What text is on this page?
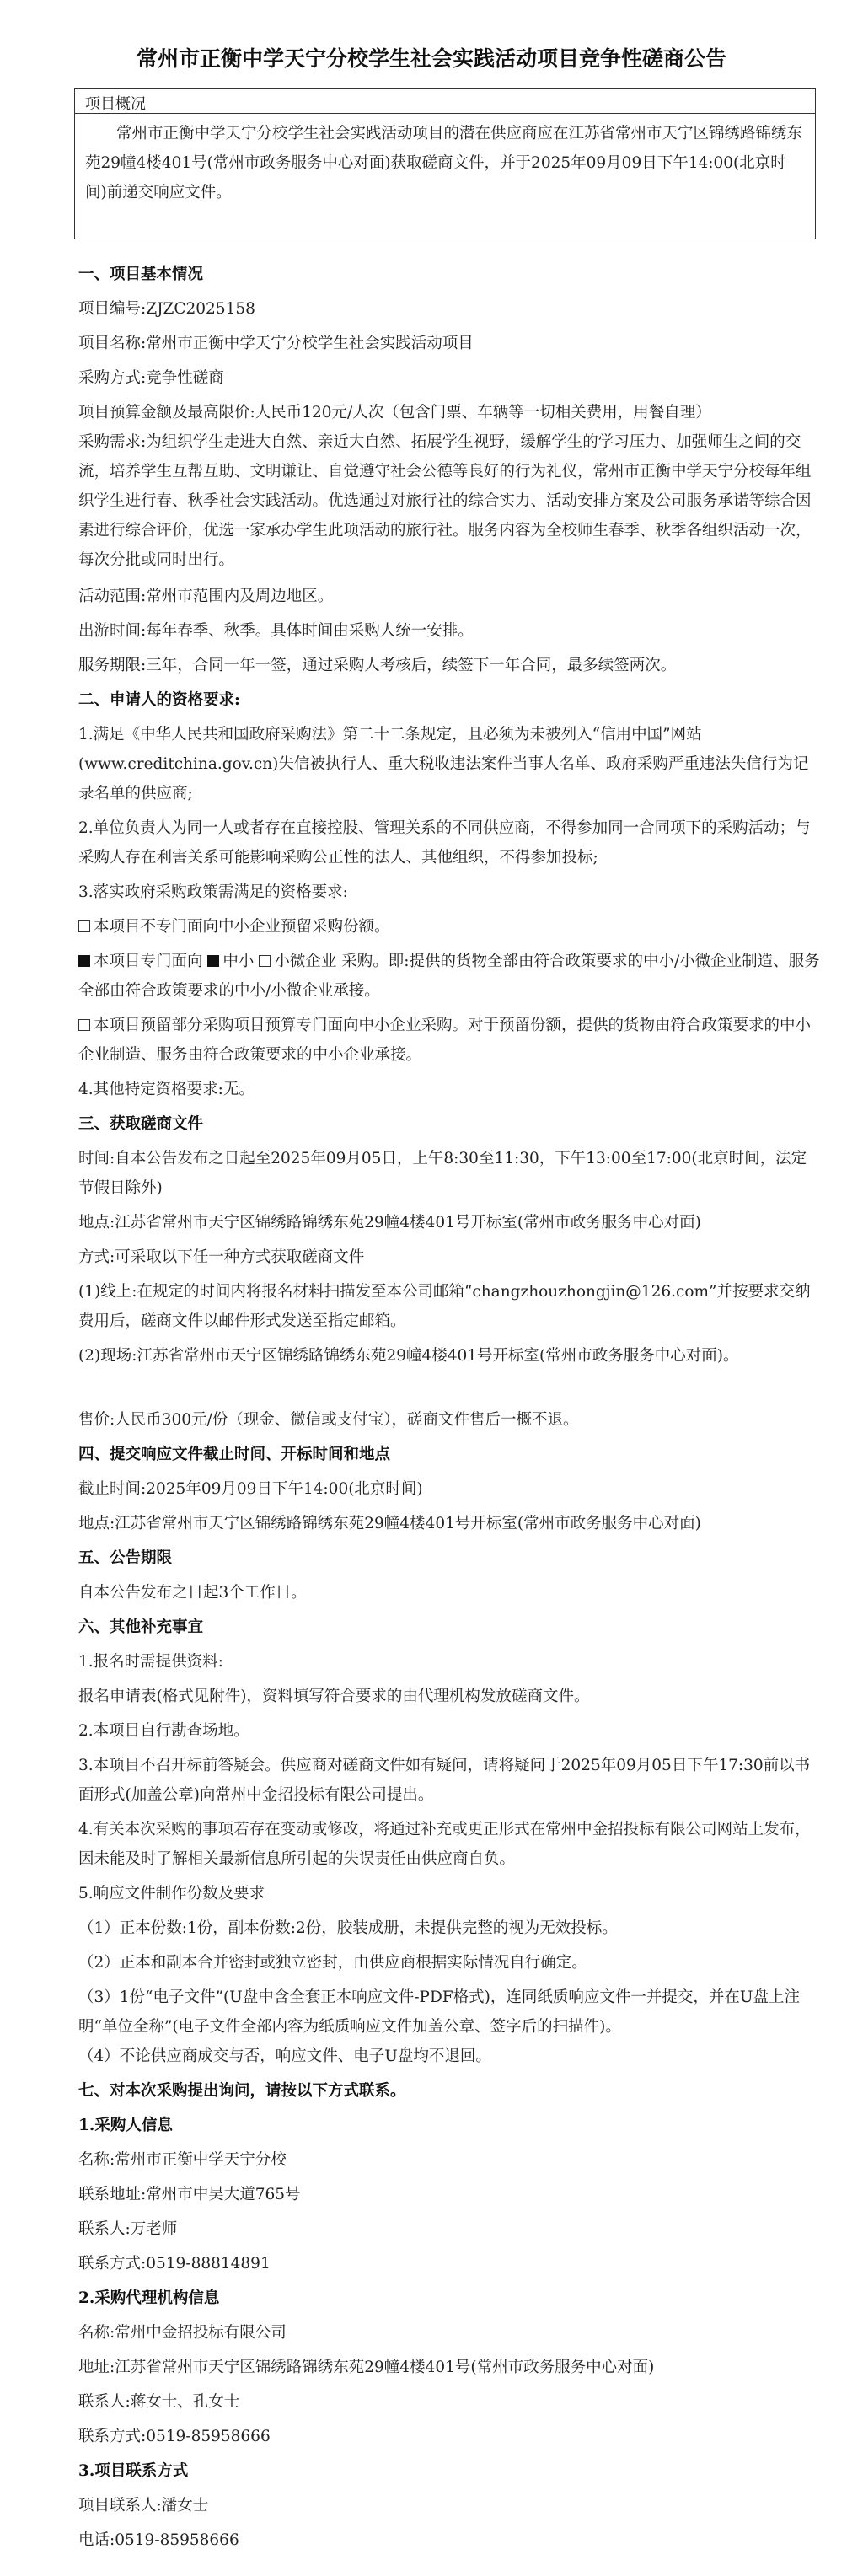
常州市正衡中学天宁分校学生社会实践活动项目竞争性磋商公告
项目概况
常州市正衡中学天宁分校学生社会实践活动项目的潜在供应商应在江苏省常州市天宁区锦绣路锦绣东苑29幢4楼401号(常州市政务服务中心对面)获取磋商文件，并于2025年09月09日下午14:00(北京时间)前递交响应文件。
一、项目基本情况
项目编号:ZJZC2025158
项目名称:常州市正衡中学天宁分校学生社会实践活动项目
采购方式:竞争性磋商
项目预算金额及最高限价:人民币120元/人次（包含门票、车辆等一切相关费用，用餐自理）
采购需求:为组织学生走进大自然、亲近大自然、拓展学生视野，缓解学生的学习压力、加强师生之间的交流，培养学生互帮互助、文明谦让、自觉遵守社会公德等良好的行为礼仪，常州市正衡中学天宁分校每年组织学生进行春、秋季社会实践活动。优选通过对旅行社的综合实力、活动安排方案及公司服务承诺等综合因素进行综合评价，优选一家承办学生此项活动的旅行社。服务内容为全校师生春季、秋季各组织活动一次，每次分批或同时出行。
活动范围:常州市范围内及周边地区。
出游时间:每年春季、秋季。具体时间由采购人统一安排。
服务期限:三年，合同一年一签，通过采购人考核后，续签下一年合同，最多续签两次。
二、申请人的资格要求:
1.满足《中华人民共和国政府采购法》第二十二条规定，且必须为未被列入“信用中国”网站(www.creditchina.gov.cn)失信被执行人、重大税收违法案件当事人名单、政府采购严重违法失信行为记录名单的供应商;
2.单位负责人为同一人或者存在直接控股、管理关系的不同供应商，不得参加同一合同项下的采购活动；与采购人存在利害关系可能影响采购公正性的法人、其他组织，不得参加投标;
3.落实政府采购政策需满足的资格要求:
本项目不专门面向中小企业预留采购份额。
本项目专门面向 中小 小微企业 采购。即:提供的货物全部由符合政策要求的中小/小微企业制造、服务全部由符合政策要求的中小/小微企业承接。
本项目预留部分采购项目预算专门面向中小企业采购。对于预留份额，提供的货物由符合政策要求的中小企业制造、服务由符合政策要求的中小企业承接。
4.其他特定资格要求:无。
三、获取磋商文件
时间:自本公告发布之日起至2025年09月05日，上午8:30至11:30，下午13:00至17:00(北京时间，法定节假日除外)
地点:江苏省常州市天宁区锦绣路锦绣东苑29幢4楼401号开标室(常州市政务服务中心对面)
方式:可采取以下任一种方式获取磋商文件
(1)线上:在规定的时间内将报名材料扫描发至本公司邮箱“changzhouzhongjin@126.com”并按要求交纳费用后，磋商文件以邮件形式发送至指定邮箱。
(2)现场:江苏省常州市天宁区锦绣路锦绣东苑29幢4楼401号开标室(常州市政务服务中心对面)。
售价:人民币300元/份（现金、微信或支付宝），磋商文件售后一概不退。
四、提交响应文件截止时间、开标时间和地点
截止时间:2025年09月09日下午14:00(北京时间)
地点:江苏省常州市天宁区锦绣路锦绣东苑29幢4楼401号开标室(常州市政务服务中心对面)
五、公告期限
自本公告发布之日起3个工作日。
六、其他补充事宜
1.报名时需提供资料:
报名申请表(格式见附件)，资料填写符合要求的由代理机构发放磋商文件。
2.本项目自行勘查场地。
3.本项目不召开标前答疑会。供应商对磋商文件如有疑问，请将疑问于2025年09月05日下午17:30前以书面形式(加盖公章)向常州中金招投标有限公司提出。
4.有关本次采购的事项若存在变动或修改，将通过补充或更正形式在常州中金招投标有限公司网站上发布，因未能及时了解相关最新信息所引起的失误责任由供应商自负。
5.响应文件制作份数及要求
（1）正本份数:1份，副本份数:2份，胶装成册，未提供完整的视为无效投标。
（2）正本和副本合并密封或独立密封，由供应商根据实际情况自行确定。
（3）1份“电子文件”(U盘中含全套正本响应文件-PDF格式)，连同纸质响应文件一并提交，并在U盘上注明“单位全称”(电子文件全部内容为纸质响应文件加盖公章、签字后的扫描件)。
（4）不论供应商成交与否，响应文件、电子U盘均不退回。
七、对本次采购提出询问，请按以下方式联系。
1.采购人信息
名称:常州市正衡中学天宁分校
联系地址:常州市中吴大道765号
联系人:万老师
联系方式:0519-88814891
2.采购代理机构信息
名称:常州中金招投标有限公司
地址:江苏省常州市天宁区锦绣路锦绣东苑29幢4楼401号(常州市政务服务中心对面)
联系人:蒋女士、孔女士
联系方式:0519-85958666
3.项目联系方式
项目联系人:潘女士
电话:0519-85958666
